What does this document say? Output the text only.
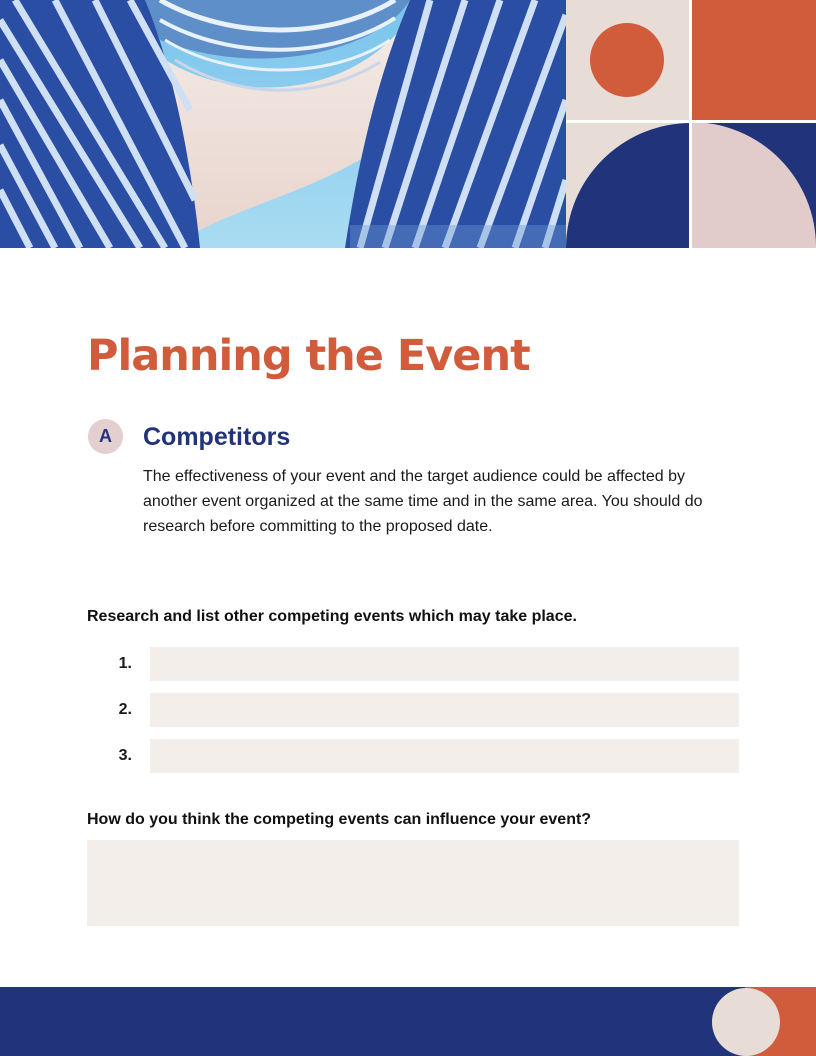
Planning the Event
A	Competitors

The effectiveness of your event and the target audience could be affected by another event organized at the same time and in the same area. You should do research before committing to the proposed date.

Research and list other competing events which may take place.

1.
2.
3.

How do you think the competing events can influence your event?
